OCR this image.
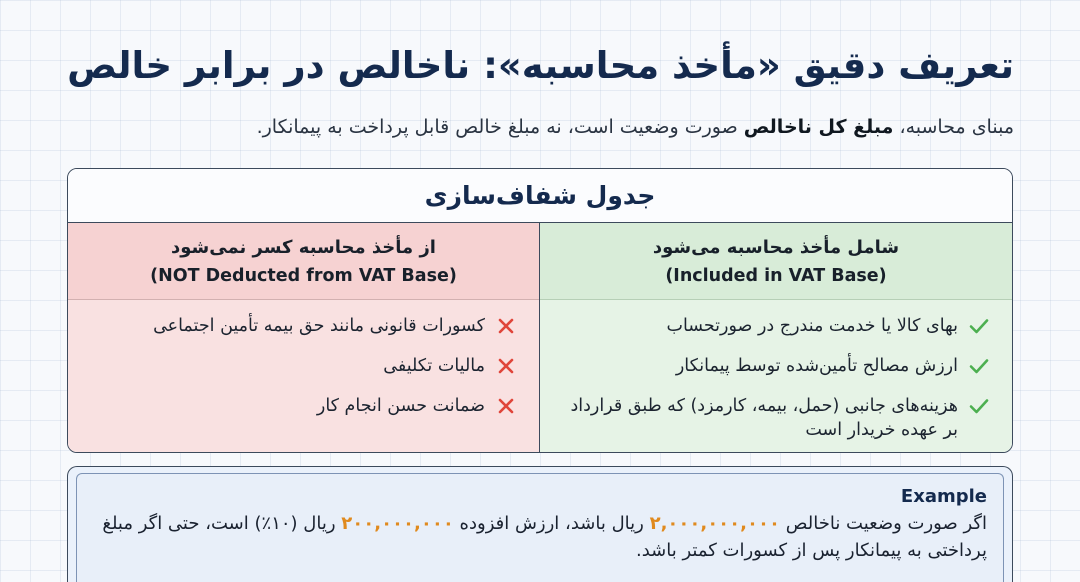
تعریف دقیق «مأخذ محاسبه»: ناخالص در برابر خالص

مبنای محاسبه، مبلغ کل ناخالص صورت وضعیت است، نه مبلغ خالص قابل پرداخت به پیمانکار.

جدول شفاف‌سازی
از مأخذ محاسبه کسر نمی‌شود
(NOT Deducted from VAT Base)
کسورات قانونی مانند حق بیمه تأمین اجتماعی
مالیات تکلیفی
ضمانت حسن انجام کار
شامل مأخذ محاسبه می‌شود
(Included in VAT Base)
بهای کالا یا خدمت مندرج در صورتحساب
ارزش مصالح تأمین‌شده توسط پیمانکار
هزینه‌های جانبی (حمل، بیمه، کارمزد) که طبق قرارداد بر عهده خریدار است
Example

اگر صورت وضعیت ناخالص ۲,۰۰۰,۰۰۰,۰۰۰ ریال باشد، ارزش افزوده ۲۰۰,۰۰۰,۰۰۰ ریال (۱۰٪) است، حتی اگر مبلغ پرداختی به پیمانکار پس از کسورات کمتر باشد.
